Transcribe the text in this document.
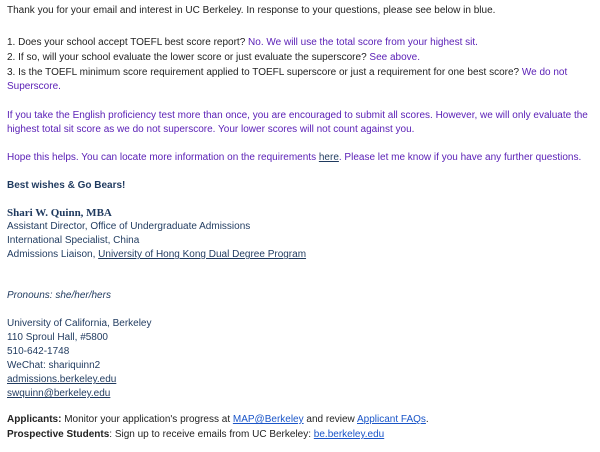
Thank you for your email and interest in UC Berkeley. In response to your questions, please see below in blue.
1. Does your school accept TOEFL best score report? No. We will use the total score from your highest sit.
2. If so, will your school evaluate the lower score or just evaluate the superscore? See above.
3. Is the TOEFL minimum score requirement applied to TOEFL superscore or just a requirement for one best score? We do not Superscore.
If you take the English proficiency test more than once, you are encouraged to submit all scores. However, we will only evaluate the highest total sit score as we do not superscore. Your lower scores will not count against you.
Hope this helps. You can locate more information on the requirements here. Please let me know if you have any further questions.
Best wishes & Go Bears!
Shari W. Quinn, MBA
Assistant Director, Office of Undergraduate Admissions
International Specialist, China
Admissions Liaison, University of Hong Kong Dual Degree Program
Pronouns: she/her/hers
University of California, Berkeley
110 Sproul Hall, #5800
510-642-1748
WeChat: shariquinn2
admissions.berkeley.edu
swquinn@berkeley.edu
Applicants: Monitor your application's progress at MAP@Berkeley and review Applicant FAQs.
Prospective Students: Sign up to receive emails from UC Berkeley: be.berkeley.edu
